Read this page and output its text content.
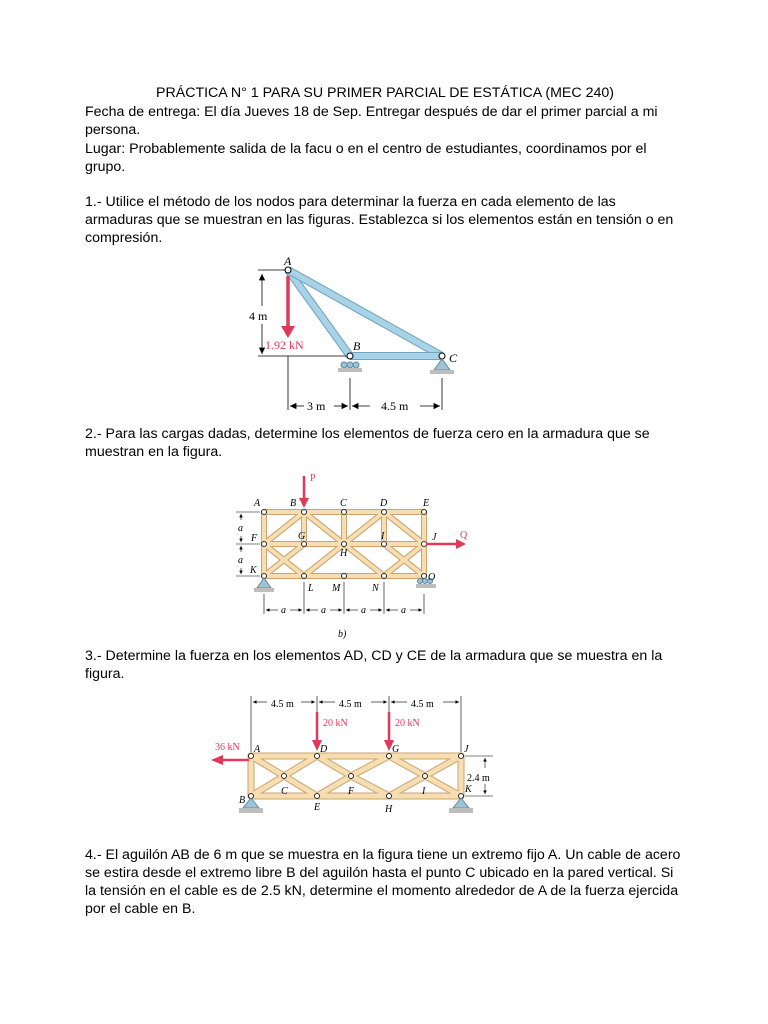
PRÁCTICA N° 1 PARA SU PRIMER PARCIAL DE ESTÁTICA (MEC 240)
Fecha de entrega: El día Jueves 18 de Sep. Entregar después de dar el primer parcial a mi persona.
Lugar: Probablemente salida de la facu o en el centro de estudiantes, coordinamos por el grupo.
1.- Utilice el método de los nodos para determinar la fuerza en cada elemento de las armaduras que se muestran en las figuras. Establezca si los elementos están en tensión o en compresión.
A
B
C
4 m
1.92 kN
3 m	4.5 m
2.- Para las cargas dadas, determine los elementos de fuerza cero en la armadura que se muestran en la figura.
A	B	C	D	E
F	G
H
I	J
K
L M	N
O
P
Q
a
a
a	a	a	a
b)
3.- Determine la fuerza en los elementos AD, CD y CE de la armadura que se muestra en la figura.
4.5 m	4.5 m	4.5 m
20 kN	20 kN
36 kN
2.4 m
A
B
C
D
E
F
G
H
I
J
K
4.- El aguilón AB de 6 m que se muestra en la figura tiene un extremo fijo A. Un cable de acero se estira desde el extremo libre B del aguilón hasta el punto C ubicado en la pared vertical. Si la tensión en el cable es de 2.5 kN, determine el momento alrededor de A de la fuerza ejercida por el cable en B.
